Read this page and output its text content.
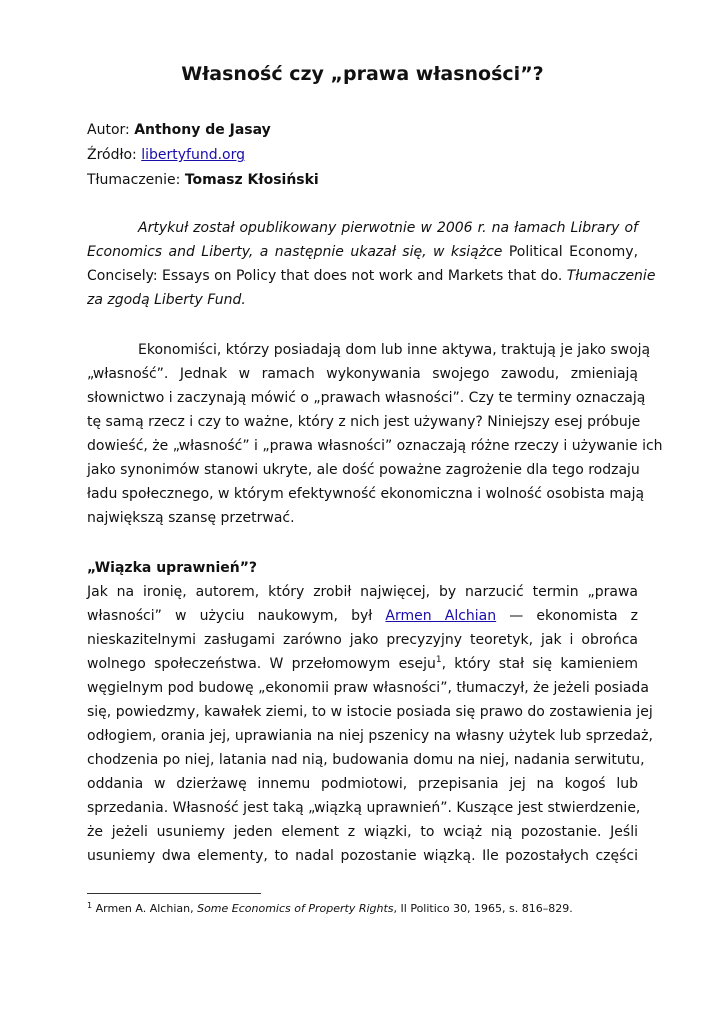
Własność czy „prawa własności”?
Autor: Anthony de Jasay
Źródło: libertyfund.org
Tłumaczenie: Tomasz Kłosiński
Artykuł został opublikowany pierwotnie w 2006 r. na łamach Library of
Economics and Liberty, a następnie ukazał się, w książce Political Economy,
Concisely: Essays on Policy that does not work and Markets that do. Tłumaczenie
za zgodą Liberty Fund.
Ekonomiści, którzy posiadają dom lub inne aktywa, traktują je jako swoją
„własność”. Jednak w ramach wykonywania swojego zawodu, zmieniają
słownictwo i zaczynają mówić o „prawach własności”. Czy te terminy oznaczają
tę samą rzecz i czy to ważne, który z nich jest używany? Niniejszy esej próbuje
dowieść, że „własność” i „prawa własności” oznaczają różne rzeczy i używanie ich
jako synonimów stanowi ukryte, ale dość poważne zagrożenie dla tego rodzaju
ładu społecznego, w którym efektywność ekonomiczna i wolność osobista mają
największą szansę przetrwać.
„Wiązka uprawnień”?
Jak na ironię, autorem, który zrobił najwięcej, by narzucić termin „prawa
własności” w użyciu naukowym, był Armen Alchian — ekonomista z
nieskazitelnymi zasługami zarówno jako precyzyjny teoretyk, jak i obrońca
wolnego społeczeństwa. W przełomowym eseju$^1$, który stał się kamieniem
węgielnym pod budowę „ekonomii praw własności”, tłumaczył, że jeżeli posiada
się, powiedzmy, kawałek ziemi, to w istocie posiada się prawo do zostawienia jej
odłogiem, orania jej, uprawiania na niej pszenicy na własny użytek lub sprzedaż,
chodzenia po niej, latania nad nią, budowania domu na niej, nadania serwitutu,
oddania w dzierżawę innemu podmiotowi, przepisania jej na kogoś lub
sprzedania. Własność jest taką „wiązką uprawnień”. Kuszące jest stwierdzenie,
że jeżeli usuniemy jeden element z wiązki, to wciąż nią pozostanie. Jeśli
usuniemy dwa elementy, to nadal pozostanie wiązką. Ile pozostałych części
$^1$ Armen A. Alchian, Some Economics of Property Rights, Il Politico 30, 1965, s. 816–829.
